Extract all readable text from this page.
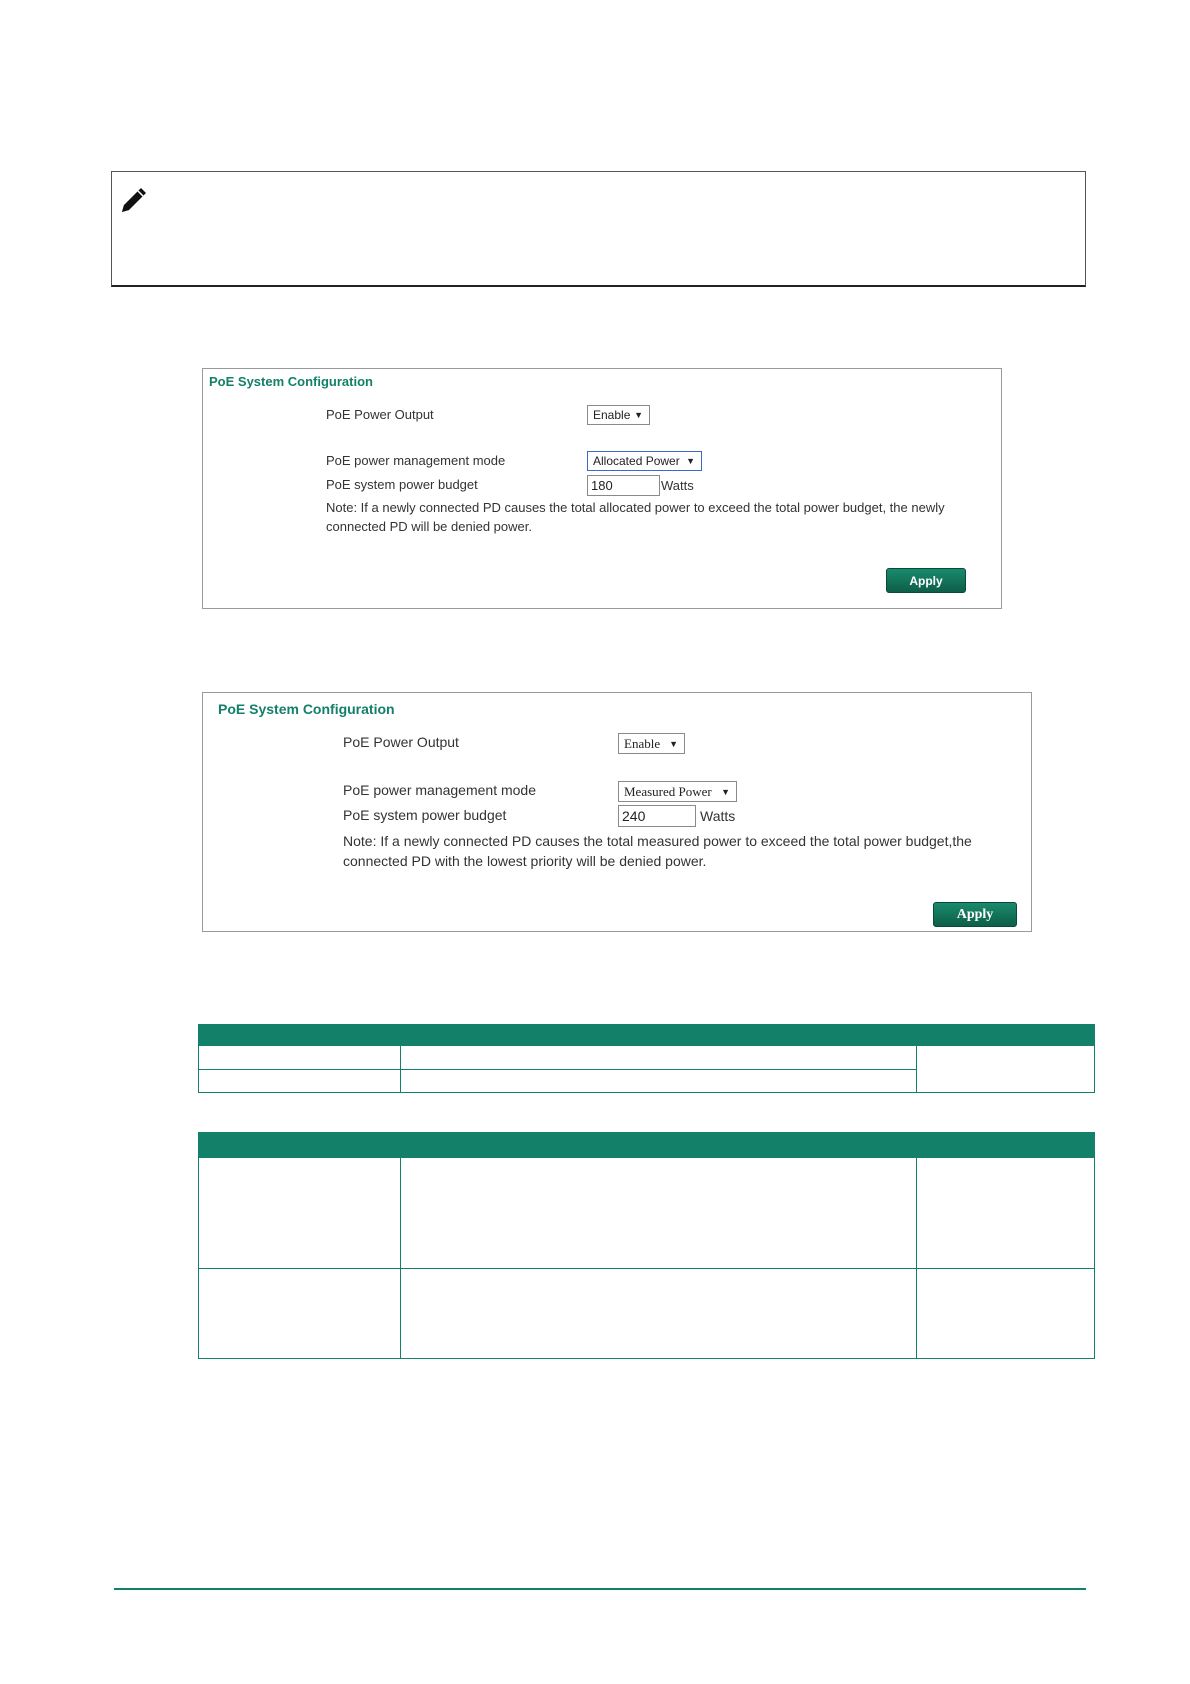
PoE System Configuration
PoE Power Output	Enable ▼
PoE power management mode	Allocated Power ▼
PoE system power budget	180	Watts
Note: If a newly connected PD causes the total allocated power to exceed the total power budget, the newly
connected PD will be denied power.
Apply
PoE System Configuration
PoE Power Output	Enable ▼
PoE power management mode	Measured Power ▼
PoE system power budget	240	Watts
Note: If a newly connected PD causes the total measured power to exceed the total power budget,the
connected PD with the lowest priority will be denied power.
Apply
